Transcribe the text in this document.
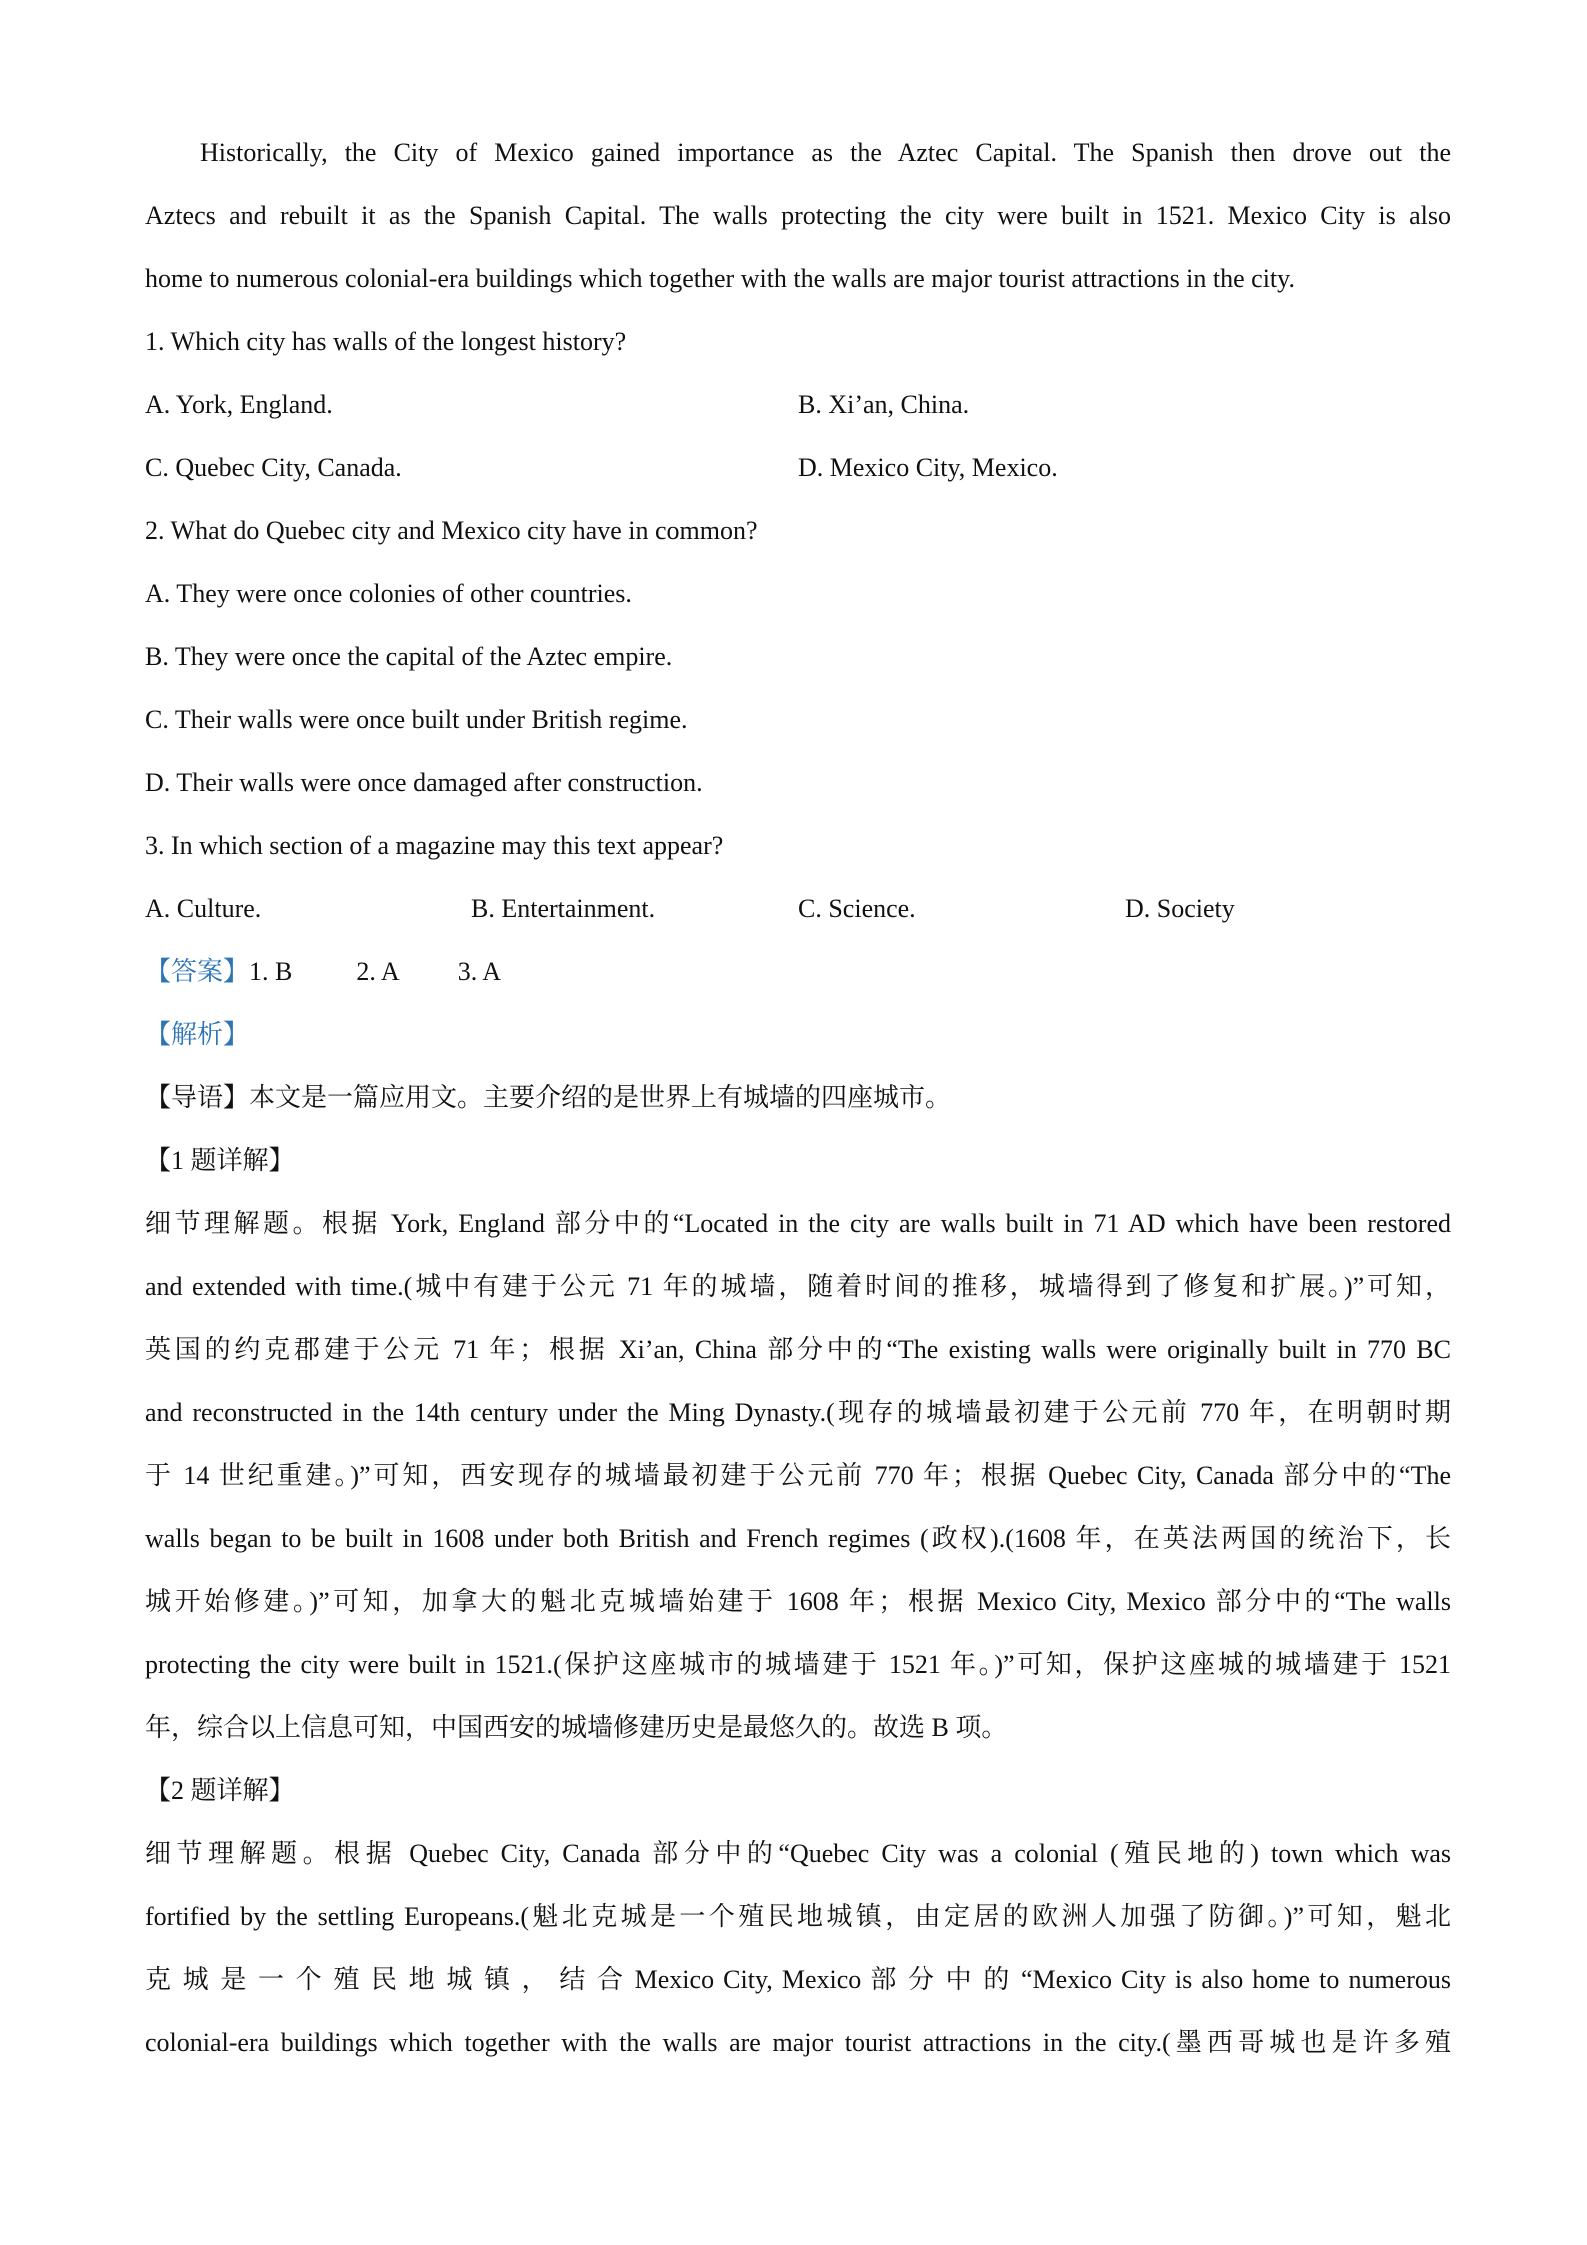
Historically, the City of Mexico gained importance as the Aztec Capital. The Spanish then drove out the
Aztecs and rebuilt it as the Spanish Capital. The walls protecting the city were built in 1521. Mexico City is also
home to numerous colonial-era buildings which together with the walls are major tourist attractions in the city.
1. Which city has walls of the longest history?
A. York, England.	B. Xi’an, China.
C. Quebec City, Canada.	D. Mexico City, Mexico.
2. What do Quebec city and Mexico city have in common?
A. They were once colonies of other countries.
B. They were once the capital of the Aztec empire.
C. Their walls were once built under British regime.
D. Their walls were once damaged after construction.
3. In which section of a magazine may this text appear?
A. Culture.	B. Entertainment.	C. Science.	D. Society
【答案】1. B 2. A 3. A
【解析】
【导语】本文是一篇应用文。主要介绍的是世界上有城墙的四座城市。
【1 题详解】
细节理解题。根据 York, England 部分中的“Located in the city are walls built in 71 AD which have been restored
and extended with time.(城中有建于公元 71 年的城墙，随着时间的推移，城墙得到了修复和扩展。)”可知，
英国的约克郡建于公元 71 年；根据 Xi’an, China 部分中的“The existing walls were originally built in 770 BC
and reconstructed in the 14th century under the Ming Dynasty.(现存的城墙最初建于公元前 770 年，在明朝时期
于 14 世纪重建。)”可知，西安现存的城墙最初建于公元前 770 年；根据 Quebec City, Canada 部分中的“The
walls began to be built in 1608 under both British and French regimes (政权).(1608 年，在英法两国的统治下，长
城开始修建。)”可知，加拿大的魁北克城墙始建于 1608 年；根据 Mexico City, Mexico 部分中的“The walls
protecting the city were built in 1521.(保护这座城市的城墙建于 1521 年。)”可知，保护这座城的城墙建于 1521
年，综合以上信息可知，中国西安的城墙修建历史是最悠久的。故选 B 项。
【2 题详解】
细节理解题。根据 Quebec City, Canada 部分中的“Quebec City was a colonial (殖民地的) town which was
fortified by the settling Europeans.(魁北克城是一个殖民地城镇，由定居的欧洲人加强了防御。)”可知，魁北
克 城 是 一 个 殖 民 地 城 镇 ， 结 合 Mexico City, Mexico 部 分 中 的 “Mexico City is also home to numerous
colonial-era buildings which together with the walls are major tourist attractions in the city.(墨西哥城也是许多殖
